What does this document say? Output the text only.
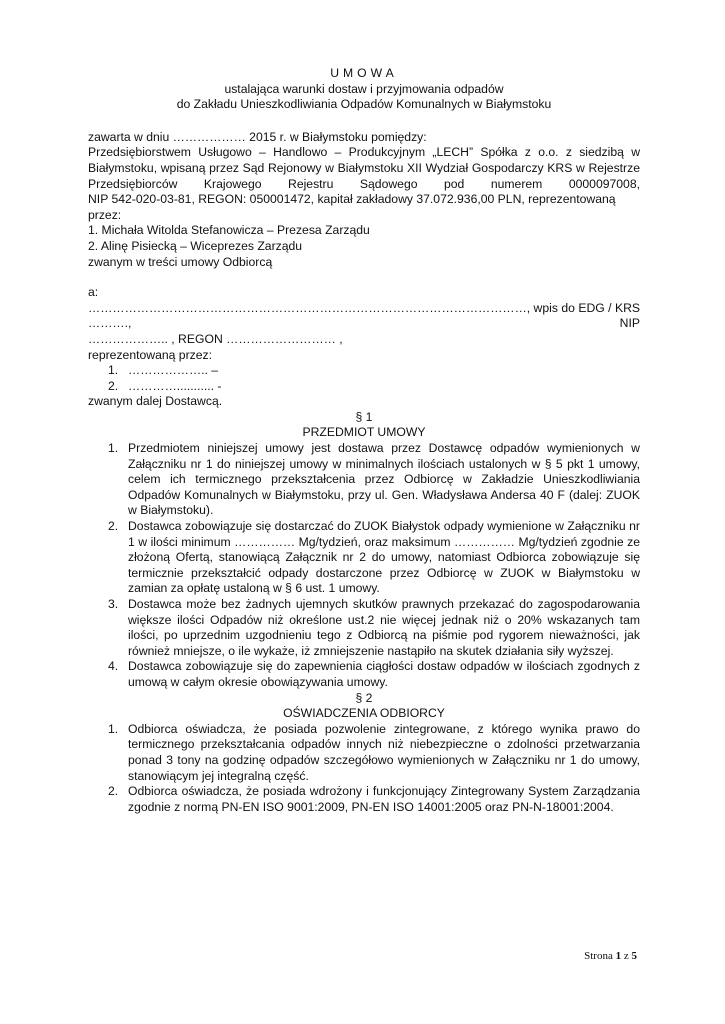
UMOWA
ustalająca warunki dostaw i przyjmowania odpadów
do Zakładu Unieszkodliwiania Odpadów Komunalnych w Białymstoku
zawarta w dniu ……………… 2015 r. w Białymstoku pomiędzy:
Przedsiębiorstwem Usługowo – Handlowo – Produkcyjnym „LECH” Spółka z o.o. z siedzibą w Białymstoku, wpisaną przez Sąd Rejonowy w Białymstoku XII Wydział Gospodarczy KRS w Rejestrze Przedsiębiorców Krajowego Rejestru Sądowego pod numerem 0000097008,
NIP 542-020-03-81, REGON: 050001472, kapitał zakładowy 37.072.936,00 PLN, reprezentowaną przez:
1. Michała Witolda Stefanowicza – Prezesa Zarządu
2. Alinę Pisiecką – Wiceprezes Zarządu
zwanym w treści umowy Odbiorcą
a:
………………………………………………………………………………………………, wpis do EDG / KRS ………., NIP
……………….. , REGON ……………………… ,
reprezentowaną przez:
1. ……………….. –
2. …………........... -
zwanym dalej Dostawcą.
§ 1
PRZEDMIOT UMOWY
1. Przedmiotem niniejszej umowy jest dostawa przez Dostawcę odpadów wymienionych w Załączniku nr 1 do niniejszej umowy w minimalnych ilościach ustalonych w § 5 pkt 1 umowy, celem ich termicznego przekształcenia przez Odbiorcę w Zakładzie Unieszkodliwiania Odpadów Komunalnych w Białymstoku, przy ul. Gen. Władysława Andersa 40 F (dalej: ZUOK w Białymstoku).
2. Dostawca zobowiązuje się dostarczać do ZUOK Białystok odpady wymienione w Załączniku nr 1 w ilości minimum …………… Mg/tydzień, oraz maksimum …………… Mg/tydzień zgodnie ze złożoną Ofertą, stanowiącą Załącznik nr 2 do umowy, natomiast Odbiorca zobowiązuje się termicznie przekształcić odpady dostarczone przez Odbiorcę w ZUOK w Białymstoku w zamian za opłatę ustaloną w § 6 ust. 1 umowy.
3. Dostawca może bez żadnych ujemnych skutków prawnych przekazać do zagospodarowania większe ilości Odpadów niż określone ust.2 nie więcej jednak niż o 20% wskazanych tam ilości, po uprzednim uzgodnieniu tego z Odbiorcą na piśmie pod rygorem nieważności, jak również mniejsze, o ile wykaże, iż zmniejszenie nastąpiło na skutek działania siły wyższej.
4. Dostawca zobowiązuje się do zapewnienia ciągłości dostaw odpadów w ilościach zgodnych z umową w całym okresie obowiązywania umowy.
§ 2
OŚWIADCZENIA ODBIORCY
1. Odbiorca oświadcza, że posiada pozwolenie zintegrowane, z którego wynika prawo do termicznego przekształcania odpadów innych niż niebezpieczne o zdolności przetwarzania ponad 3 tony na godzinę odpadów szczegółowo wymienionych w Załączniku nr 1 do umowy, stanowiącym jej integralną część.
2. Odbiorca oświadcza, że posiada wdrożony i funkcjonujący Zintegrowany System Zarządzania zgodnie z normą PN-EN ISO 9001:2009, PN-EN ISO 14001:2005 oraz PN-N-18001:2004.
Strona 1 z 5
